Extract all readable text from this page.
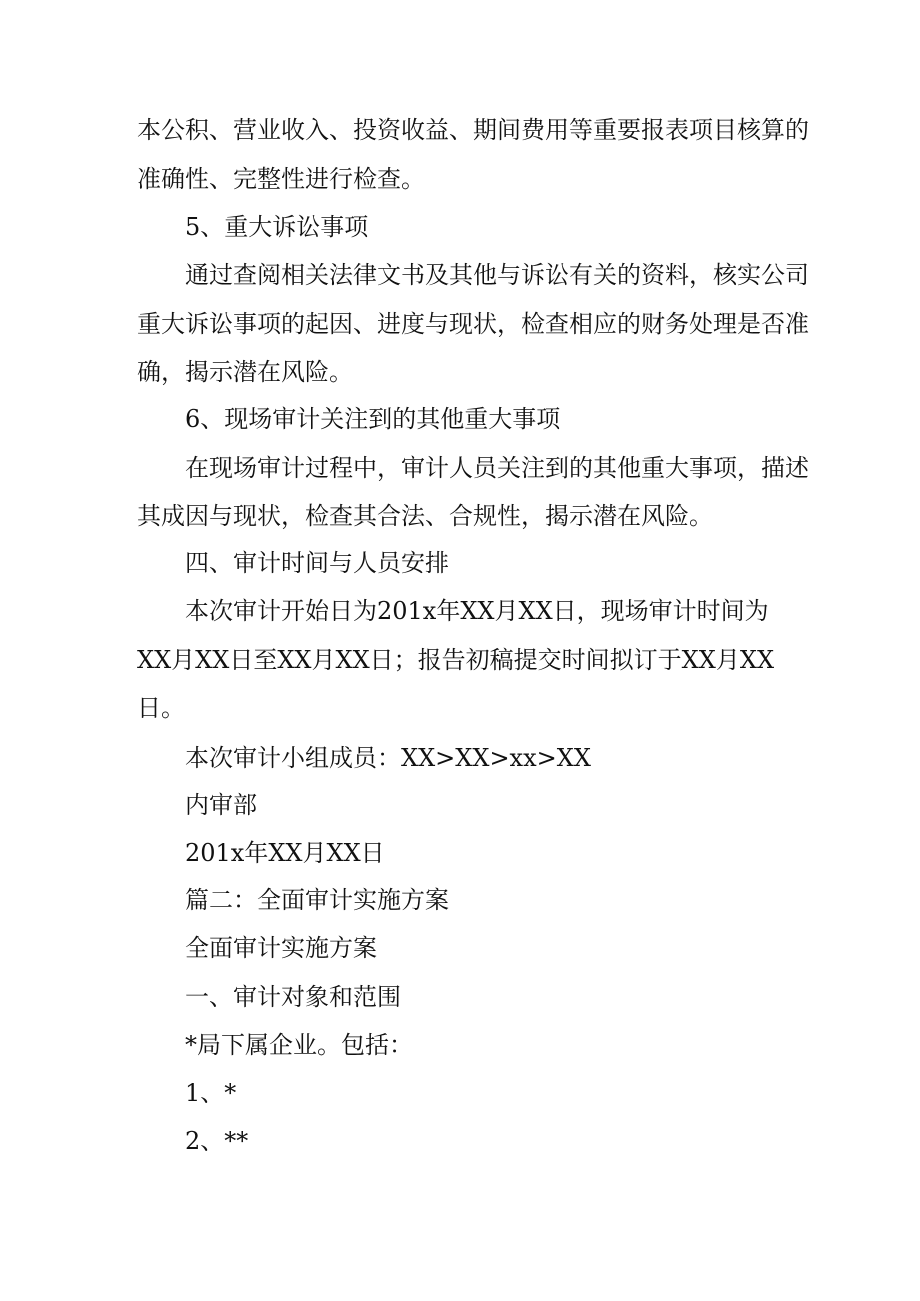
本公积、营业收入、投资收益、期间费用等重要报表项目核算的
准确性、完整性进行检查。
5、重大诉讼事项
通过查阅相关法律文书及其他与诉讼有关的资料，核实公司
重大诉讼事项的起因、进度与现状，检查相应的财务处理是否准
确，揭示潜在风险。
6、现场审计关注到的其他重大事项
在现场审计过程中，审计人员关注到的其他重大事项，描述
其成因与现状，检查其合法、合规性，揭示潜在风险。
四、审计时间与人员安排
本次审计开始日为201x年XX月XX日，现场审计时间为
XX月XX日至XX月XX日；报告初稿提交时间拟订于XX月XX
日。
本次审计小组成员：XX>XX>xx>XX
内审部
201x年XX月XX日
篇二：全面审计实施方案
全面审计实施方案
一、审计对象和范围
*局下属企业。包括：
1、*
2、**
